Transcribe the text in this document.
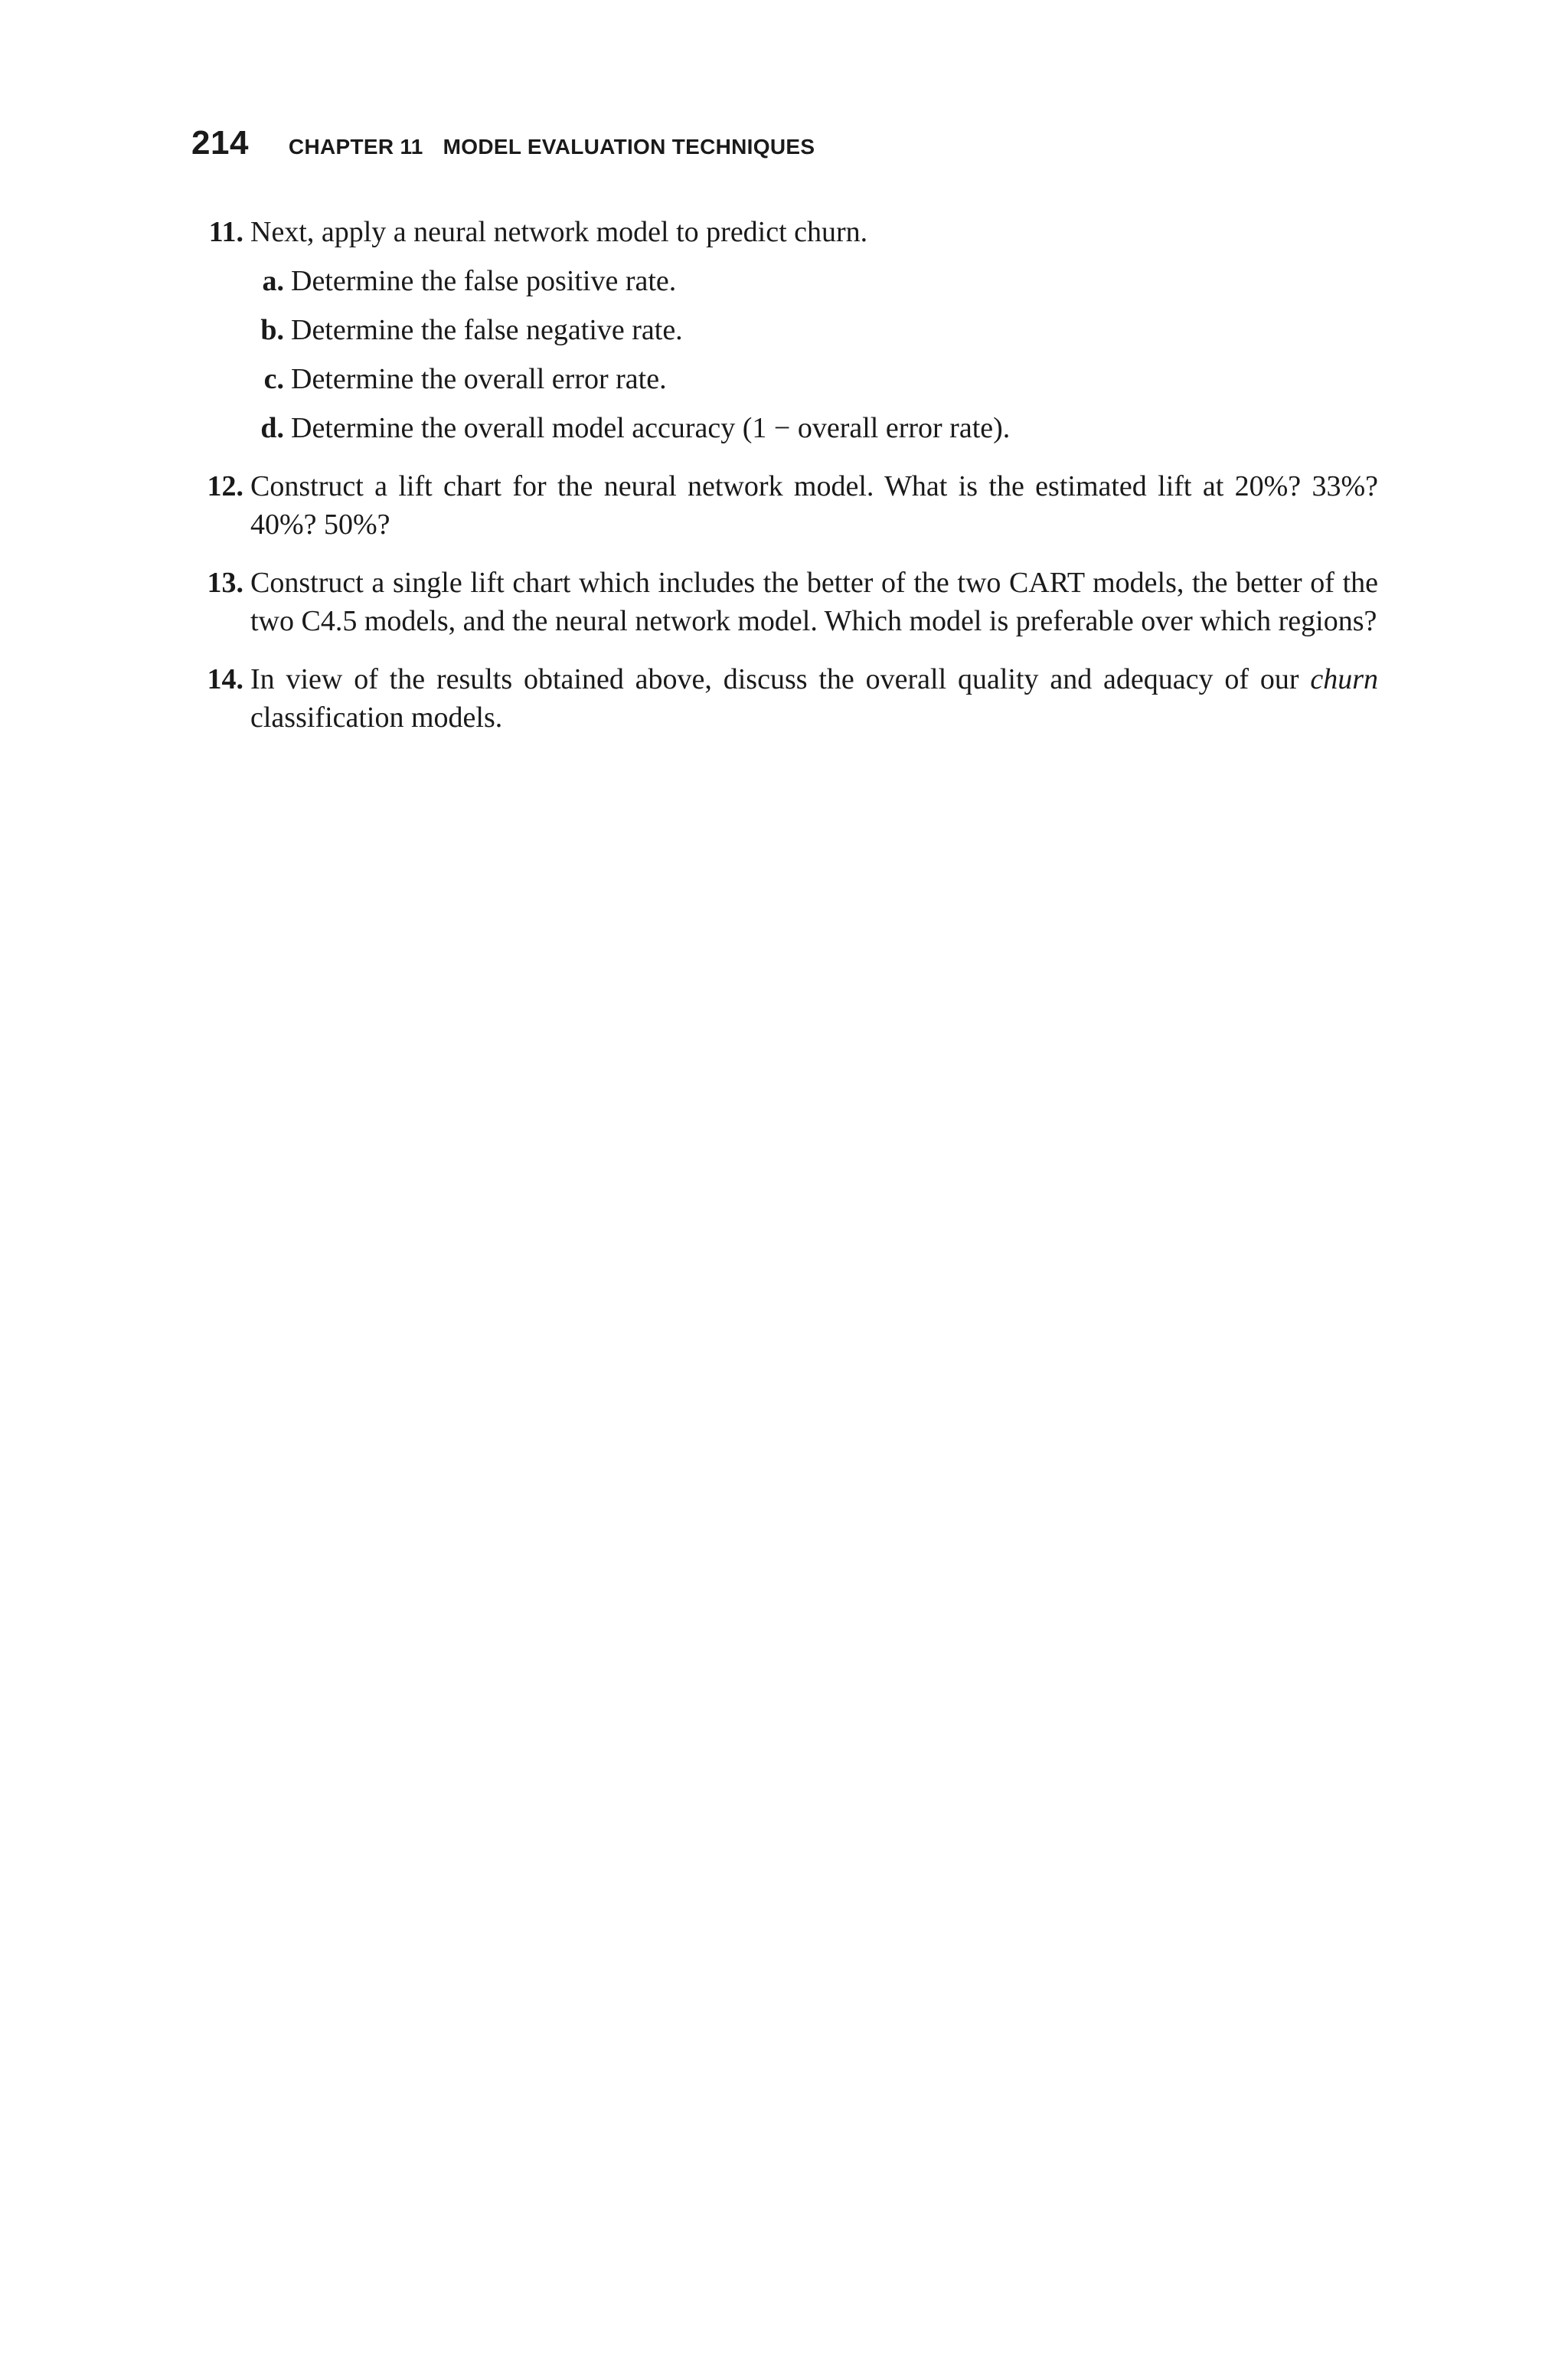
214 CHAPTER 11 MODEL EVALUATION TECHNIQUES
11. Next, apply a neural network model to predict churn.
a. Determine the false positive rate.
b. Determine the false negative rate.
c. Determine the overall error rate.
d. Determine the overall model accuracy (1 − overall error rate).
12. Construct a lift chart for the neural network model. What is the estimated lift at 20%? 33%? 40%? 50%?
13. Construct a single lift chart which includes the better of the two CART models, the better of the two C4.5 models, and the neural network model. Which model is preferable over which regions?
14. In view of the results obtained above, discuss the overall quality and adequacy of our churn classification models.
